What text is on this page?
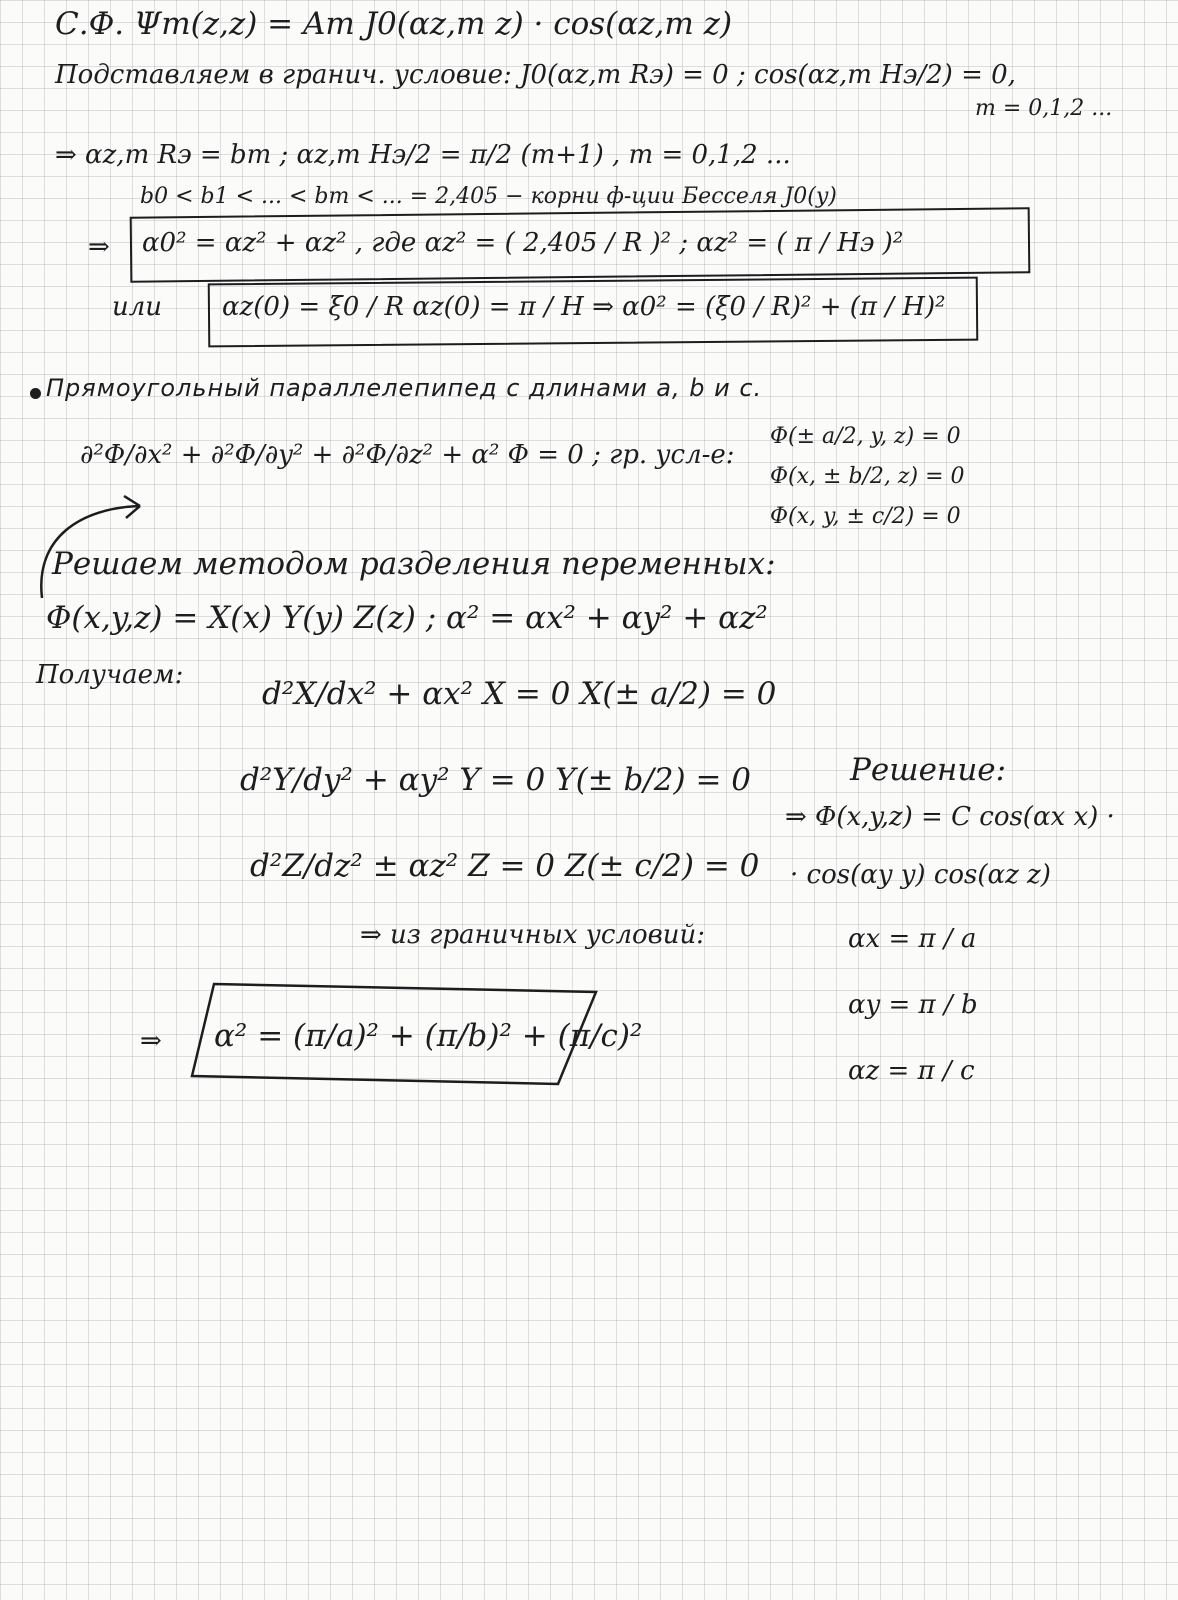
С.Ф. Ψm(z,z) = Am J0(αz,m z) · cos(αz,m z)
Подставляем в гранич. условие: J0(αz,m Rэ) = 0 ; cos(αz,m Hэ/2) = 0,
m = 0,1,2 ...
⇒ αz,m Rэ = bm ; αz,m Hэ/2 = π/2 (m+1) , m = 0,1,2 ...
b0 < b1 < ... < bm < ... = 2,405 − корни ф-ции Бесселя J0(y)
⇒ α0² = αz² + αz² , где αz² = ( 2,405 / R )² ; αz² = ( π / Hэ )²
или αz(0) = ξ0 / R αz(0) = π / H ⇒ α0² = (ξ0 / R)² + (π / H)²
Прямоугольный параллелепипед с длинами a, b и c.
∂²Φ/∂x² + ∂²Φ/∂y² + ∂²Φ/∂z² + α² Φ = 0 ; гр. усл-е:
Φ(± a/2, y, z) = 0
Φ(x, ± b/2, z) = 0
Φ(x, y, ± c/2) = 0
Решаем методом разделения переменных:
Φ(x,y,z) = X(x) Y(y) Z(z) ; α² = αx² + αy² + αz²
Получаем:
d²X/dx² + αx² X = 0 X(± a/2) = 0
d²Y/dy² + αy² Y = 0 Y(± b/2) = 0	Решение:
⇒ Φ(x,y,z) = C cos(αx x) ·
d²Z/dz² ± αz² Z = 0 Z(± c/2) = 0 · cos(αy y) cos(αz z)
⇒ из граничных условий:	αx = π / a
αy = π / b
αz = π / c
⇒ α² = (π/a)² + (π/b)² + (π/c)²
